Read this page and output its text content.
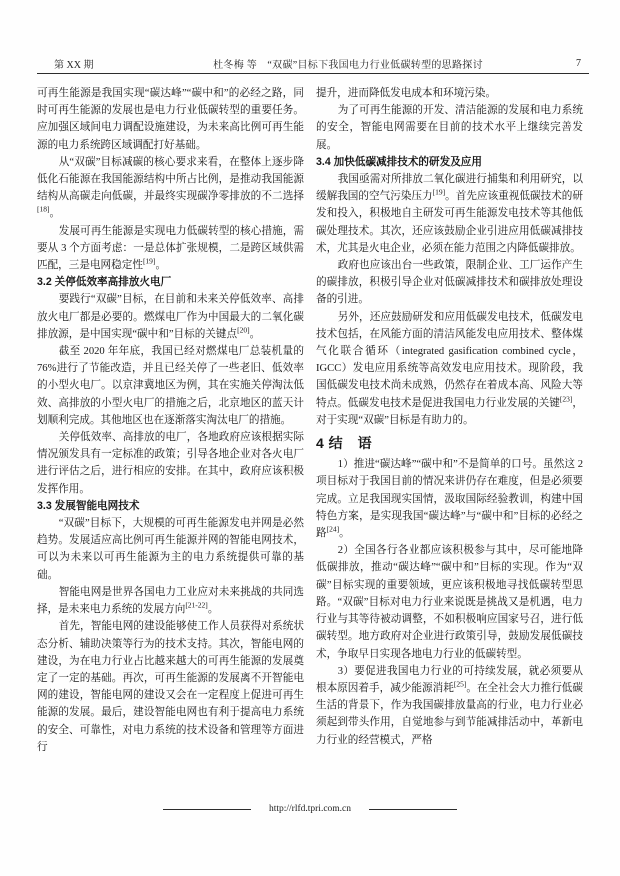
第 XX 期	杜冬梅 等　“双碳”目标下我国电力行业低碳转型的思路探讨	7
可再生能源是我国实现“碳达峰”“碳中和”的必经之路，同时可再生能源的发展也是电力行业低碳转型的重要任务。应加强区域间电力调配设施建设，为未来高比例可再生能源的电力系统跨区域调配打好基础。
从“双碳”目标减碳的核心要求来看，在整体上逐步降低化石能源在我国能源结构中所占比例，是推动我国能源结构从高碳走向低碳，并最终实现碳净零排放的不二选择[18]。
发展可再生能源是实现电力低碳转型的核心措施，需要从 3 个方面考虑：一是总体扩张规模，二是跨区域供需匹配，三是电网稳定性[19]。
3.2 关停低效率高排放火电厂
要践行“双碳”目标，在目前和未来关停低效率、高排放火电厂都是必要的。燃煤电厂作为中国最大的二氧化碳排放源，是中国实现“碳中和”目标的关键点[20]。
截至 2020 年年底，我国已经对燃煤电厂总装机量的 76%进行了节能改造，并且已经关停了一些老旧、低效率的小型火电厂。以京津冀地区为例，其在实施关停淘汰低效、高排放的小型火电厂的措施之后，北京地区的蓝天计划顺利完成。其他地区也在逐渐落实淘汰电厂的措施。
关停低效率、高排放的电厂，各地政府应该根据实际情况颁发具有一定标准的政策；引导各地企业对各火电厂进行评估之后，进行相应的安排。在其中，政府应该积极发挥作用。
3.3 发展智能电网技术
“双碳”目标下，大规模的可再生能源发电并网是必然趋势。发展适应高比例可再生能源并网的智能电网技术，可以为未来以可再生能源为主的电力系统提供可靠的基础。
智能电网是世界各国电力工业应对未来挑战的共同选择，是未来电力系统的发展方向[21-22]。
首先，智能电网的建设能够使工作人员获得对系统状态分析、辅助决策等行为的技术支持。其次，智能电网的建设，为在电力行业占比越来越大的可再生能源的发展奠定了一定的基础。再次，可再生能源的发展离不开智能电网的建设，智能电网的建设又会在一定程度上促进可再生能源的发展。最后，建设智能电网也有利于提高电力系统的安全、可靠性，对电力系统的技术设备和管理等方面进行
提升，进而降低发电成本和环境污染。
为了可再生能源的开发、清洁能源的发展和电力系统的安全，智能电网需要在目前的技术水平上继续完善发展。
3.4 加快低碳减排技术的研发及应用
我国亟需对所排放二氧化碳进行捕集和利用研究，以缓解我国的空气污染压力[19]。首先应该重视低碳技术的研发和投入，积极地自主研发可再生能源发电技术等其他低碳处理技术。其次，还应该鼓励企业引进应用低碳减排技术，尤其是火电企业，必须在能力范围之内降低碳排放。
政府也应该出台一些政策，限制企业、工厂运作产生的碳排放，积极引导企业对低碳减排技术和碳排放处理设备的引进。
另外，还应鼓励研发和应用低碳发电技术，低碳发电技术包括，在风能方面的清洁风能发电应用技术、整体煤气化联合循环（integrated gasification combined cycle，IGCC）发电应用系统等高效发电应用技术。现阶段，我国低碳发电技术尚未成熟，仍然存在着成本高、风险大等特点。低碳发电技术是促进我国电力行业发展的关键[23]，对于实现“双碳”目标是有助力的。
4 结　语
1）推进“碳达峰”“碳中和”不是简单的口号。虽然这 2 项目标对于我国目前的情况来讲仍存在难度，但是必须要完成。立足我国现实国情，汲取国际经验教训，构建中国特色方案，是实现我国“碳达峰”与“碳中和”目标的必经之路[24]。
2）全国各行各业都应该积极参与其中，尽可能地降低碳排放，推动“碳达峰”“碳中和”目标的实现。作为“双碳”目标实现的重要领域，更应该积极地寻找低碳转型思路。“双碳”目标对电力行业来说既是挑战又是机遇，电力行业与其等待被动调整，不如积极响应国家号召，进行低碳转型。地方政府对企业进行政策引导，鼓励发展低碳技术，争取早日实现各地电力行业的低碳转型。
3）要促进我国电力行业的可持续发展，就必须要从根本原因着手，减少能源消耗[25]。在全社会大力推行低碳生活的背景下，作为我国碳排放量高的行业，电力行业必须起到带头作用，自觉地参与到节能减排活动中，革新电力行业的经营模式，严格
http://rlfd.tpri.com.cn
